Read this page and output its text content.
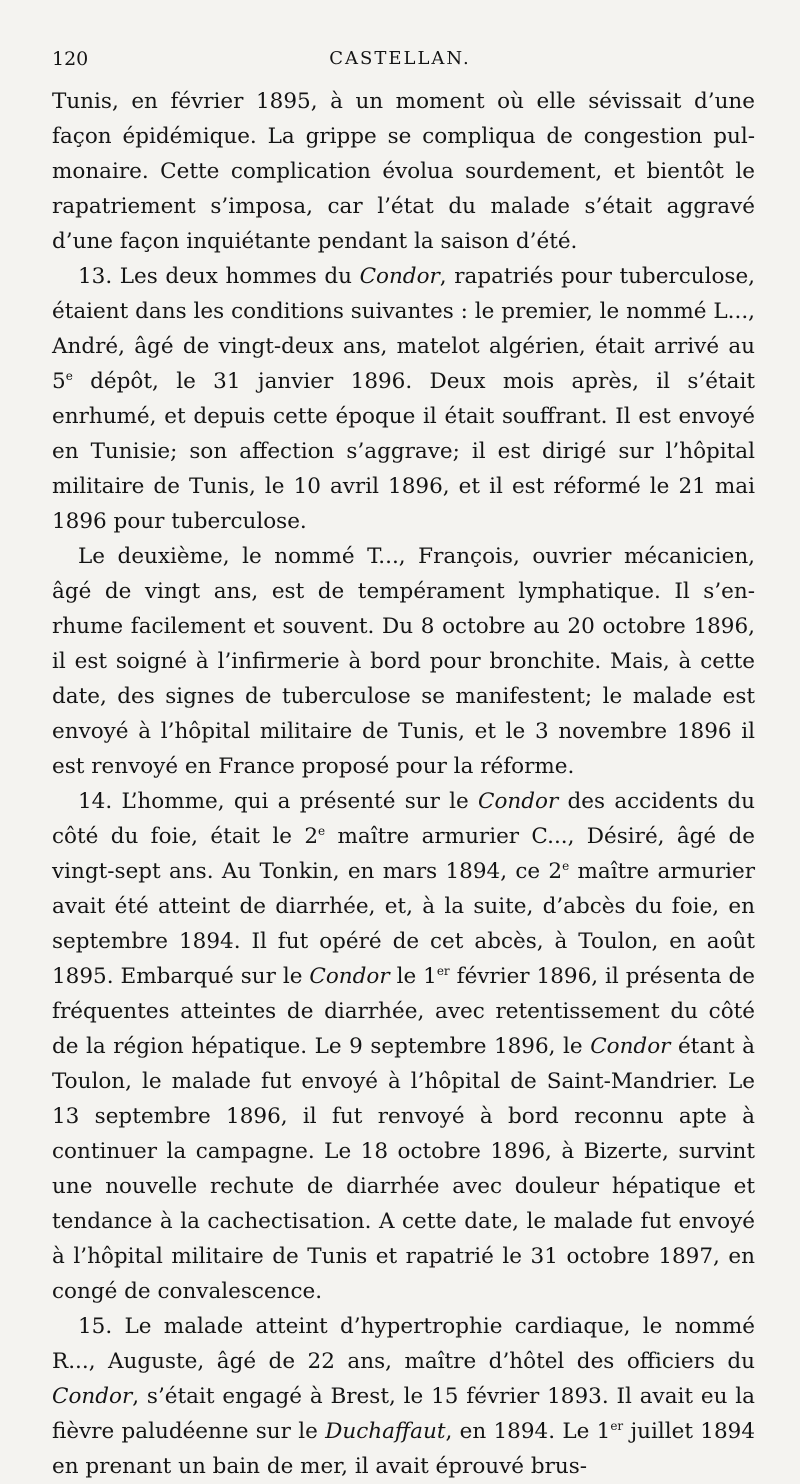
120	CASTELLAN.

Tunis, en février 1895, à un moment où elle sévissait d’une façon épidémique. La grippe se compliqua de congestion pulmonaire. Cette complication évolua sourdement, et bientôt le rapatriement s’imposa, car l’état du malade s’était aggravé d’une façon inquiétante pendant la saison d’été.

13. Les deux hommes du Condor, rapatriés pour tuberculose, étaient dans les conditions suivantes : le premier, le nommé L..., André, âgé de vingt-deux ans, matelot algérien, était arrivé au 5e dépôt, le 31 janvier 1896. Deux mois après, il s’était enrhumé, et depuis cette époque il était souffrant. Il est envoyé en Tunisie; son affection s’aggrave; il est dirigé sur l’hôpital militaire de Tunis, le 10 avril 1896, et il est réformé le 21 mai 1896 pour tuberculose.

Le deuxième, le nommé T..., François, ouvrier mécanicien, âgé de vingt ans, est de tempérament lymphatique. Il s’enrhume facilement et souvent. Du 8 octobre au 20 octobre 1896, il est soigné à l’infirmerie à bord pour bronchite. Mais, à cette date, des signes de tuberculose se manifestent; le malade est envoyé à l’hôpital militaire de Tunis, et le 3 novembre 1896 il est renvoyé en France proposé pour la réforme.

14. L’homme, qui a présenté sur le Condor des accidents du côté du foie, était le 2e maître armurier C..., Désiré, âgé de vingt-sept ans. Au Tonkin, en mars 1894, ce 2e maître armurier avait été atteint de diarrhée, et, à la suite, d’abcès du foie, en septembre 1894. Il fut opéré de cet abcès, à Toulon, en août 1895. Embarqué sur le Condor le 1er février 1896, il présenta de fréquentes atteintes de diarrhée, avec retentissement du côté de la région hépatique. Le 9 septembre 1896, le Condor étant à Toulon, le malade fut envoyé à l’hôpital de Saint-Mandrier. Le 13 septembre 1896, il fut renvoyé à bord reconnu apte à continuer la campagne. Le 18 octobre 1896, à Bizerte, survint une nouvelle rechute de diarrhée avec douleur hépatique et tendance à la cachectisation. A cette date, le malade fut envoyé à l’hôpital militaire de Tunis et rapatrié le 31 octobre 1897, en congé de convalescence.

15. Le malade atteint d’hypertrophie cardiaque, le nommé R..., Auguste, âgé de 22 ans, maître d’hôtel des officiers du Condor, s’était engagé à Brest, le 15 février 1893. Il avait eu la fièvre paludéenne sur le Duchaffaut, en 1894. Le 1er juillet 1894 en prenant un bain de mer, il avait éprouvé brus-
